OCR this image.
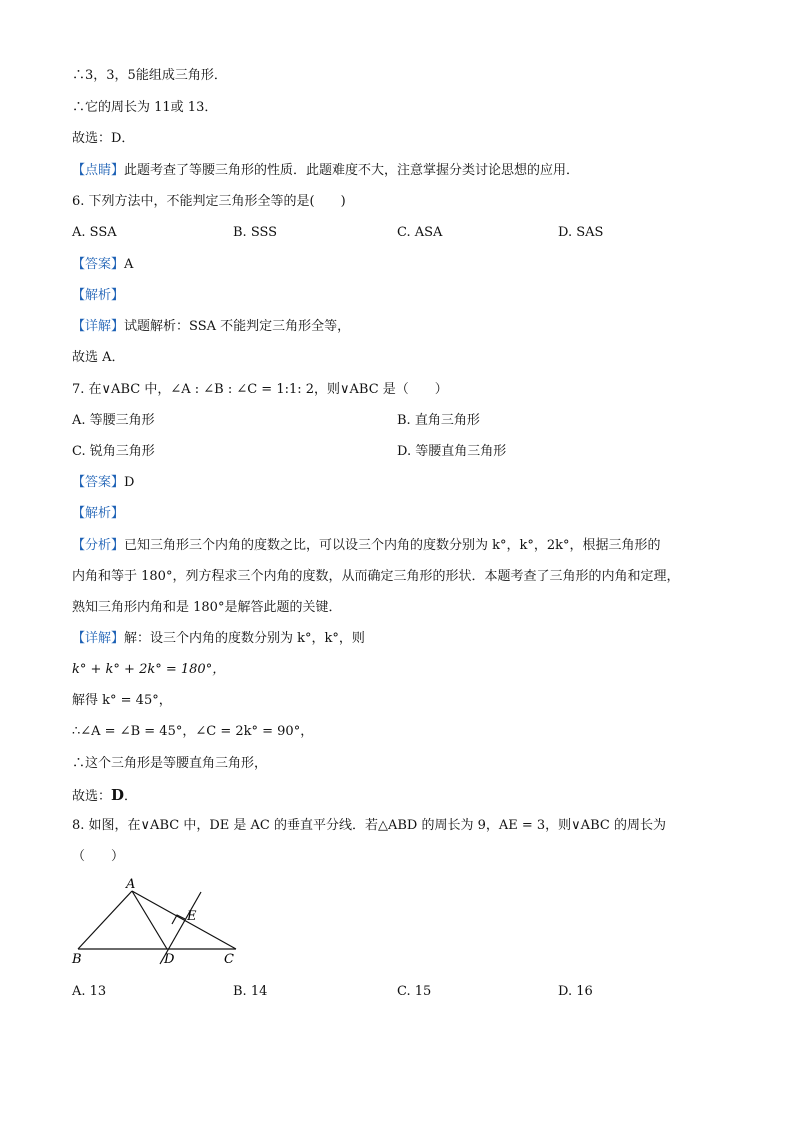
∴3，3，5能组成三角形．
∴它的周长为 11或 13．
故选：D．
【点睛】此题考查了等腰三角形的性质．此题难度不大，注意掌握分类讨论思想的应用．
6. 下列方法中，不能判定三角形全等的是(　　)
A. SSA	B. SSS	C. ASA	D. SAS
【答案】A
【解析】
【详解】试题解析：SSA 不能判定三角形全等，
故选 A．
7. 在∨ABC 中，∠A : ∠B : ∠C = 1:1: 2，则∨ABC 是（　　）
A. 等腰三角形	B. 直角三角形
C. 锐角三角形	D. 等腰直角三角形
【答案】D
【解析】
【分析】已知三角形三个内角的度数之比，可以设三个内角的度数分别为 k°，k°，2k°，根据三角形的
内角和等于 180°，列方程求三个内角的度数，从而确定三角形的形状．本题考查了三角形的内角和定理，
熟知三角形内角和是 180°是解答此题的关键．
【详解】解：设三个内角的度数分别为 k°，k°，则
k° + k° + 2k° = 180°，
解得 k° = 45°，
∴∠A = ∠B = 45°，∠C = 2k° = 90°，
∴这个三角形是等腰直角三角形，
故选：D．
8. 如图，在∨ABC 中，DE 是 AC 的垂直平分线．若△ABD 的周长为 9，AE = 3，则∨ABC 的周长为
（　　）
A
B	C
D
E
A. 13	B. 14	C. 15	D. 16
